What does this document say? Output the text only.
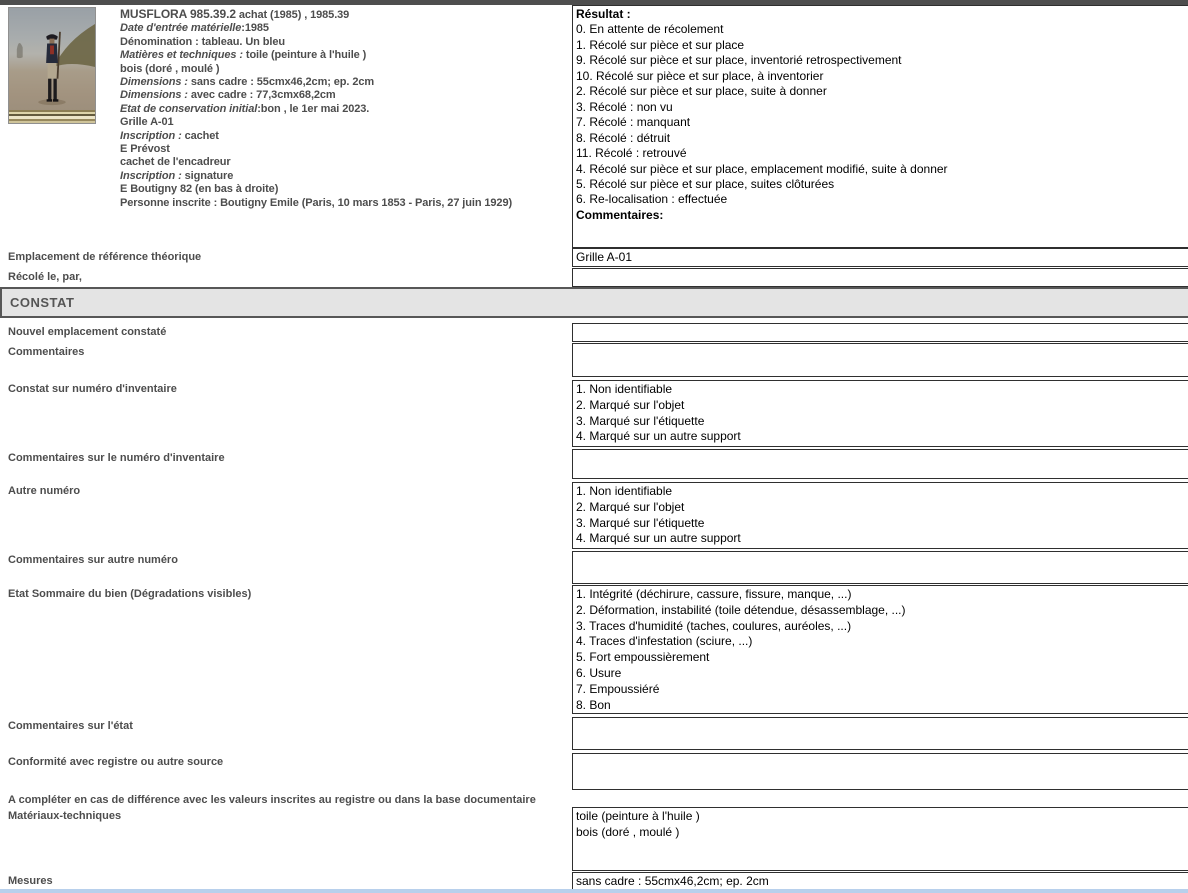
MUSFLORA 985.39.2 achat (1985) , 1985.39
Date d'entrée matérielle:1985
Dénomination : tableau. Un bleu
Matières et techniques : toile (peinture à l'huile )
bois (doré , moulé )
Dimensions : sans cadre : 55cmx46,2cm; ep. 2cm
Dimensions : avec cadre : 77,3cmx68,2cm
Etat de conservation initial:bon , le 1er mai 2023.
Grille A-01
Inscription : cachet
E Prévost
cachet de l'encadreur
Inscription : signature
E Boutigny 82 (en bas à droite)
Personne inscrite : Boutigny Emile (Paris, 10 mars 1853 - Paris, 27 juin 1929)
Résultat :
0. En attente de récolement
1. Récolé sur pièce et sur place
9. Récolé sur pièce et sur place, inventorié retrospectivement
10. Récolé sur pièce et sur place, à inventorier
2. Récolé sur pièce et sur place, suite à donner
3. Récolé : non vu
7. Récolé : manquant
8. Récolé : détruit
11. Récolé : retrouvé
4. Récolé sur pièce et sur place, emplacement modifié, suite à donner
5. Récolé sur pièce et sur place, suites clôturées
6. Re-localisation : effectuée
Commentaires:
CONSTAT
Emplacement de référence théorique	Grille A-01
Récolé le, par,
Nouvel emplacement constaté
Commentaires
Constat sur numéro d'inventaire	1. Non identifiable
2. Marqué sur l'objet
3. Marqué sur l'étiquette
4. Marqué sur un autre support
Commentaires sur le numéro d'inventaire
Autre numéro	1. Non identifiable
2. Marqué sur l'objet
3. Marqué sur l'étiquette
4. Marqué sur un autre support
Commentaires sur autre numéro
Etat Sommaire du bien (Dégradations visibles)	1. Intégrité (déchirure, cassure, fissure, manque, ...)
2. Déformation, instabilité (toile détendue, désassemblage, ...)
3. Traces d'humidité (taches, coulures, auréoles, ...)
4. Traces d'infestation (sciure, ...)
5. Fort empoussièrement
6. Usure
7. Empoussiéré
8. Bon
Commentaires sur l'état
Conformité avec registre ou autre source
A compléter en cas de différence avec les valeurs inscrites au registre ou dans la base documentaire
Matériaux-techniques	toile (peinture à l'huile )
bois (doré , moulé )
Mesures	sans cadre : 55cmx46,2cm; ep. 2cm
